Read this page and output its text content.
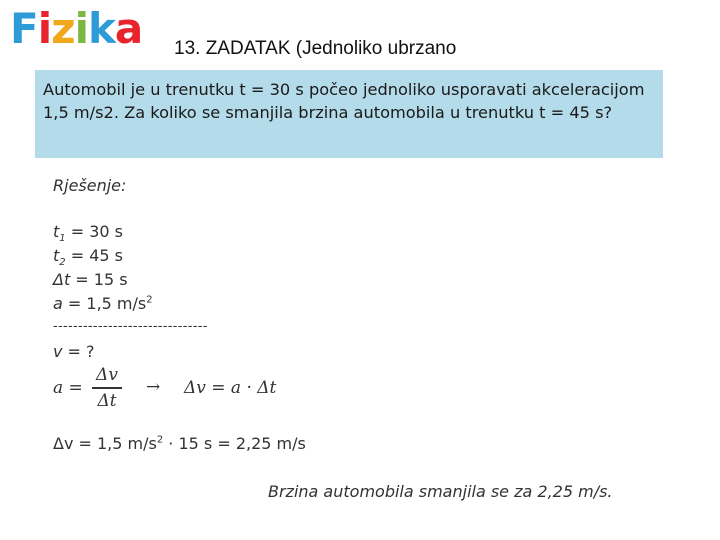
Fizika 13. ZADATAK (Jednoliko ubrzano
Automobil je u trenutku t = 30 s počeo jednoliko usporavati akceleracijom 1,5 m/s2. Za koliko se smanjila brzina automobila u trenutku t = 45 s?
Rješenje:
$t_1 = 30$ s
$t_2 = 45$ s
Δt = 15 s
a = 1,5 $m/s^2$
-------------------------------
v = ?
a =
Δv
Δt
→ Δv = a · Δt
Δv = 1,5 $m/s^2 \cdot 15$ s = 2,25 m/s
Brzina automobila smanjila se za 2,25 m/s.
